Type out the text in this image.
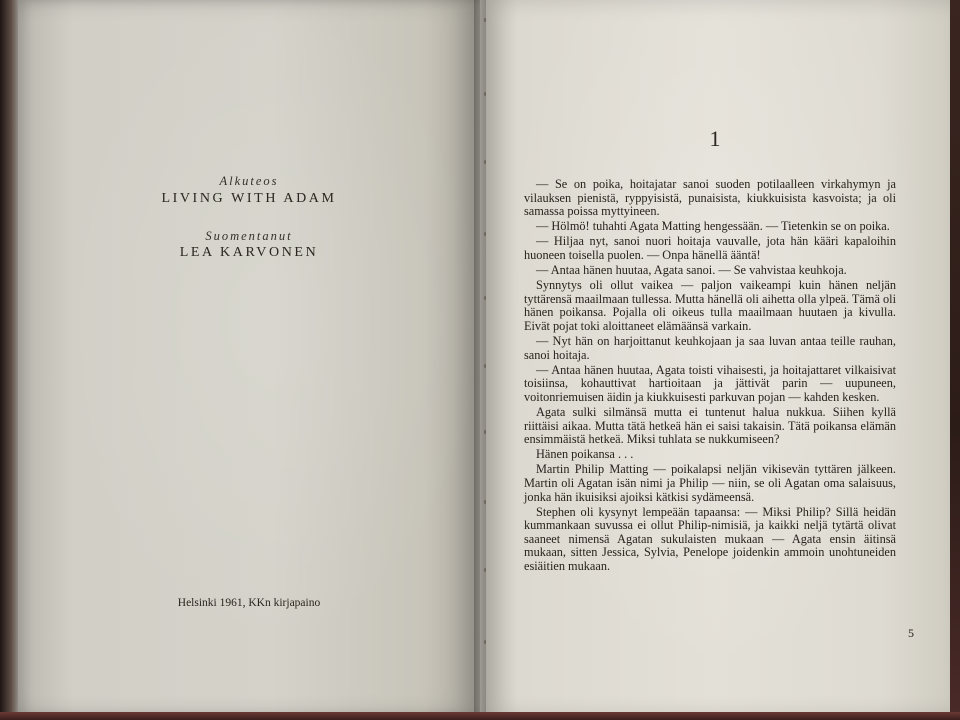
Alkuteos
LIVING WITH ADAM
Suomentanut
LEA KARVONEN
Helsinki 1961, KKn kirjapaino
1

— Se on poika, hoitajatar sanoi suoden potilaalleen virkahymyn ja vilauksen pienistä, ryppyisistä, punaisista, kiukkuisista kasvoista; ja oli samassa poissa myttyineen.

— Hölmö! tuhahti Agata Matting hengessään. — Tietenkin se on poika.

— Hiljaa nyt, sanoi nuori hoitaja vauvalle, jota hän kääri kapaloihin huoneen toisella puolen. — Onpa hänellä ääntä!

— Antaa hänen huutaa, Agata sanoi. — Se vahvistaa keuhkoja.

Synnytys oli ollut vaikea — paljon vaikeampi kuin hänen neljän tyttärensä maailmaan tullessa. Mutta hänellä oli aihetta olla ylpeä. Tämä oli hänen poikansa. Pojalla oli oikeus tulla maailmaan huutaen ja kivulla. Eivät pojat toki aloittaneet elämäänsä varkain.

— Nyt hän on harjoittanut keuhkojaan ja saa luvan antaa teille rauhan, sanoi hoitaja.

— Antaa hänen huutaa, Agata toisti vihaisesti, ja hoitajattaret vilkaisivat toisiinsa, kohauttivat hartioitaan ja jättivät parin — uupuneen, voitonriemuisen äidin ja kiukkuisesti parkuvan pojan — kahden kesken.

Agata sulki silmänsä mutta ei tuntenut halua nukkua. Siihen kyllä riittäisi aikaa. Mutta tätä hetkeä hän ei saisi takaisin. Tätä poikansa elämän ensimmäistä hetkeä. Miksi tuhlata se nukkumiseen?

Hänen poikansa . . .

Martin Philip Matting — poikalapsi neljän vikisevän tyttären jälkeen. Martin oli Agatan isän nimi ja Philip — niin, se oli Agatan oma salaisuus, jonka hän ikuisiksi ajoiksi kätkisi sydämeensä.

Stephen oli kysynyt lempeään tapaansa: — Miksi Philip? Sillä heidän kummankaan suvussa ei ollut Philip-nimisiä, ja kaikki neljä tytärtä olivat saaneet nimensä Agatan sukulaisten mukaan — Agata ensin äitinsä mukaan, sitten Jessica, Sylvia, Penelope joidenkin ammoin unohtuneiden esiäitien mukaan.

5
